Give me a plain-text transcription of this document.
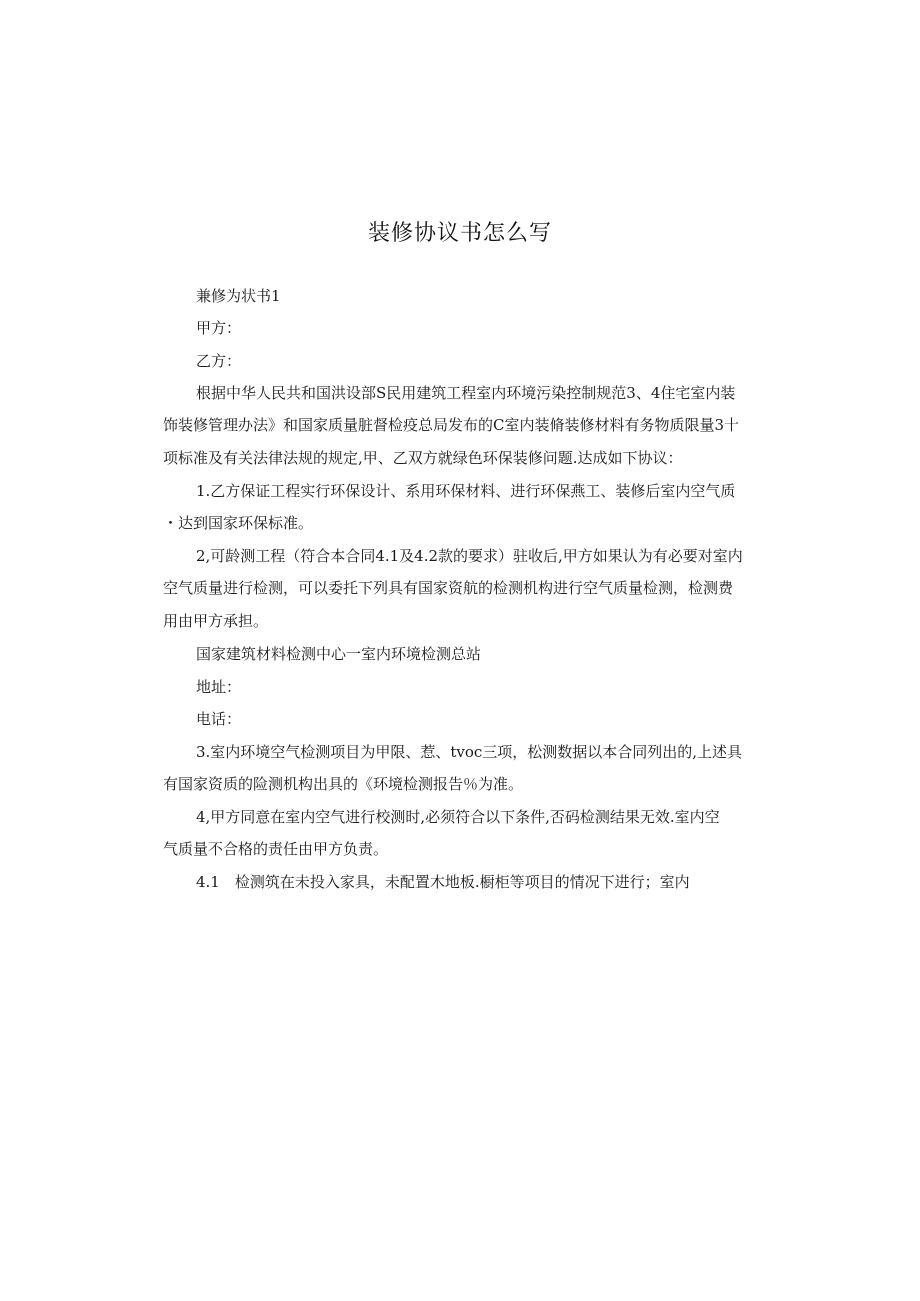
装修协议书怎么写
兼修为状书1
甲方：
乙方：
根据中华人民共和国洪设部S民用建筑工程室内环境污染控制规范3、4住宅室内装
饰装修管理办法》和国家质量脏督检疫总局发布的C室内装脩装修材料有务物质限量3十
项标准及有关法律法规的规定,甲、乙双方就绿色环保装修问题.达成如下协议：
1.乙方保证工程实行环保设计、系用环保材料、进行环保燕工、装修后室内空气质
・达到国家环保标准。
2,可龄测工程（符合本合同4.1及4.2款的要求）驻收后,甲方如果认为有必要对室内
空气质量进行检测，可以委托下列具有国家资航的检测机构进行空气质量检测，检测费
用由甲方承担。
国家建筑材料检测中心一室内环境检测总站
地址：
电话：
3.室内环境空气检测项目为甲限、惹、tvoc三项，松测数据以本合同列出的,上述具
有国家资质的险测机构出具的《环境检测报告％为准。
4,甲方同意在室内空气进行校测时,必须符合以下条件,否码检测结果无效.室内空
气质量不合格的责任由甲方负责。
4.1　检测筑在未投入家具，未配置木地板.橱柜等项目的情况下进行；室内
